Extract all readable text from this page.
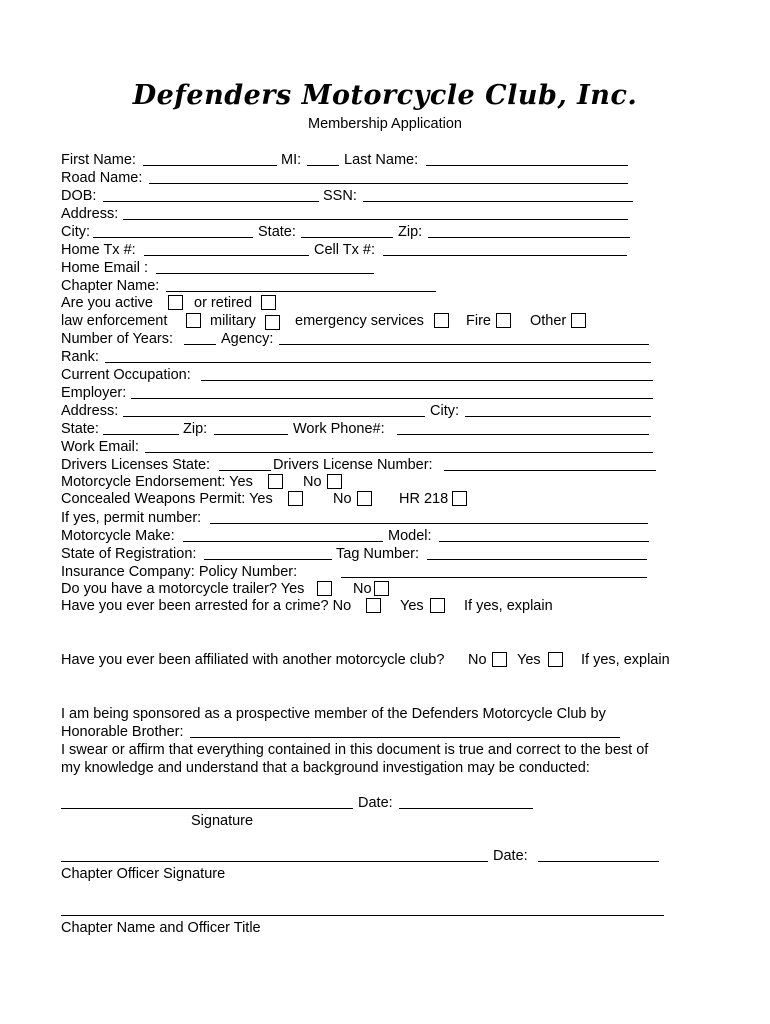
Defenders Motorcycle Club, Inc.
Membership Application
First Name:	MI:	Last Name:
Road Name:
DOB:	SSN:
Address:
City:	State:	Zip:
Home Tx #:	Cell Tx #:
Home Email :
Chapter Name:
Are you active	or retired
law enforcement	military	emergency services	Fire	Other
Number of Years:	Agency:
Rank:
Current Occupation:
Employer:
Address:	City:
State:	Zip:	Work Phone#:
Work Email:
Drivers Licenses State:	Drivers License Number:
Motorcycle Endorsement: Yes	No
Concealed Weapons Permit: Yes	No	HR 218
If yes, permit number:
Motorcycle Make:	Model:
State of Registration:	Tag Number:
Insurance Company: Policy Number:
Do you have a motorcycle trailer? Yes	No
Have you ever been arrested for a crime? No	Yes	If yes, explain
Have you ever been affiliated with another motorcycle club? No Yes	If yes, explain
I am being sponsored as a prospective member of the Defenders Motorcycle Club by
Honorable Brother:
I swear or affirm that everything contained in this document is true and correct to the best of
my knowledge and understand that a background investigation may be conducted:
Date:
Signature
Date:
Chapter Officer Signature
Chapter Name and Officer Title
